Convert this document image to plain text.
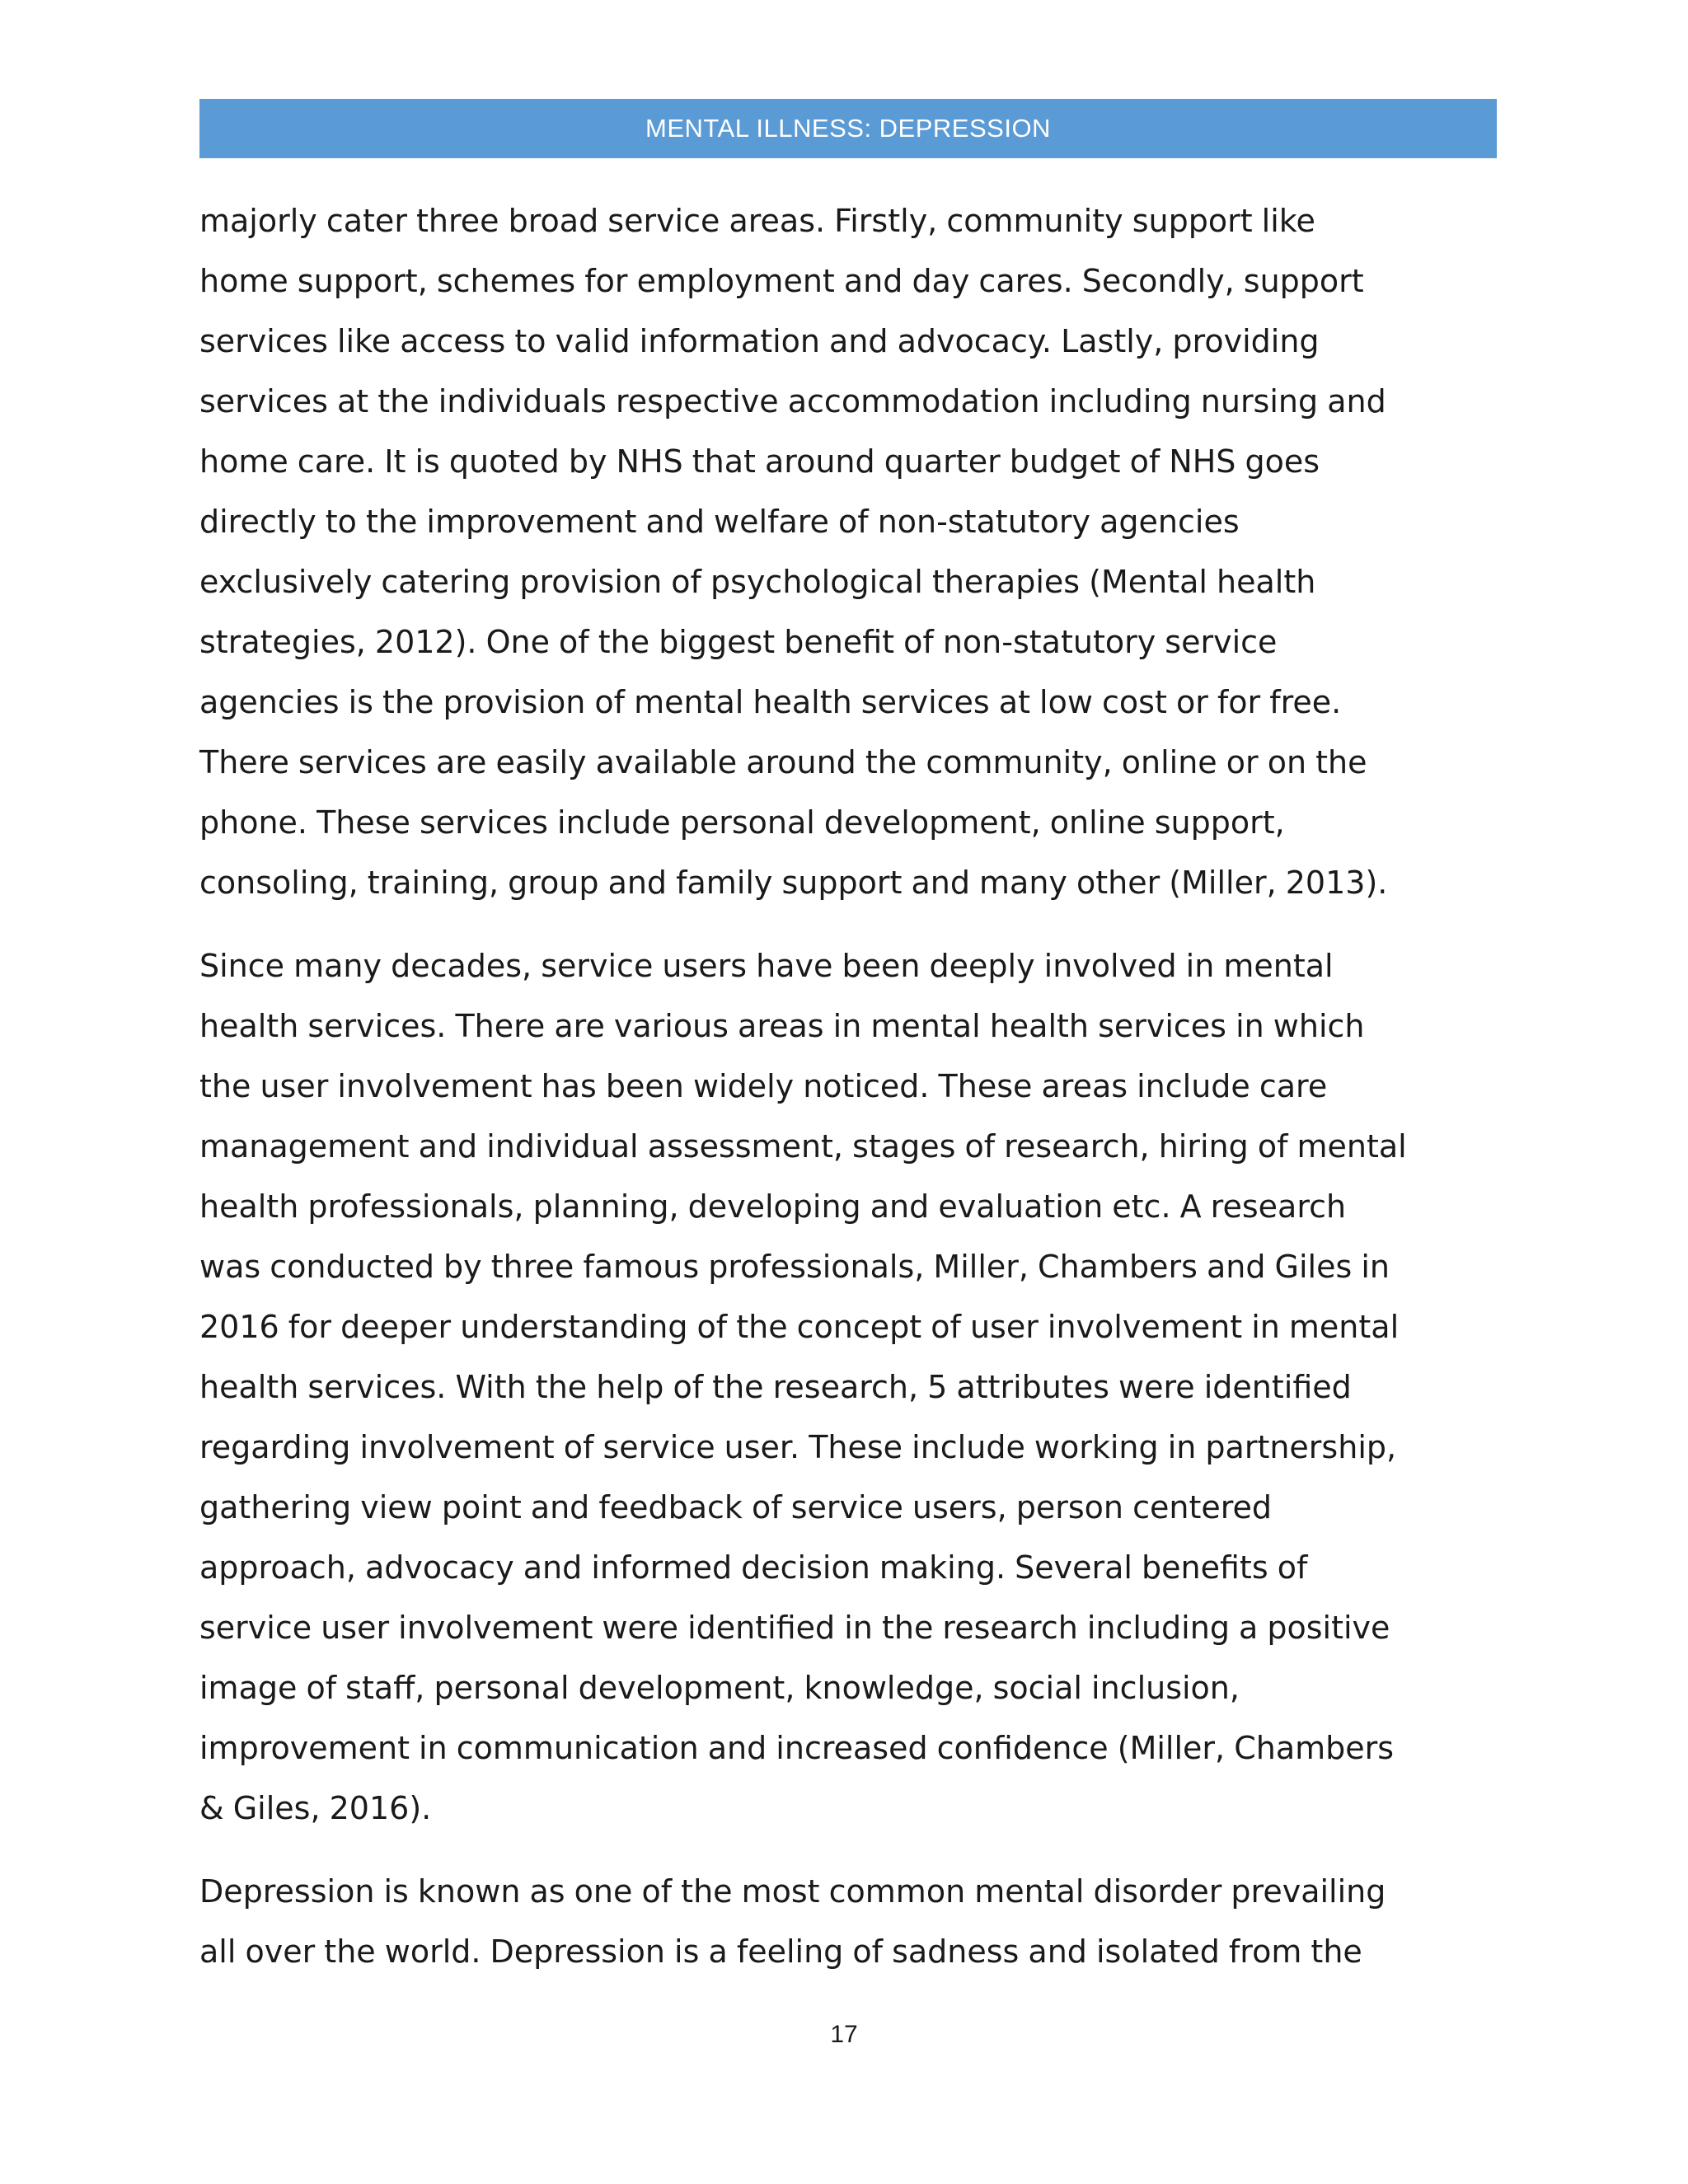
MENTAL ILLNESS: DEPRESSION

majorly cater three broad service areas. Firstly, community support like
home support, schemes for employment and day cares. Secondly, support
services like access to valid information and advocacy. Lastly, providing
services at the individuals respective accommodation including nursing and
home care. It is quoted by NHS that around quarter budget of NHS goes
directly to the improvement and welfare of non-statutory agencies
exclusively catering provision of psychological therapies (Mental health
strategies, 2012). One of the biggest benefit of non-statutory service
agencies is the provision of mental health services at low cost or for free.
There services are easily available around the community, online or on the
phone. These services include personal development, online support,
consoling, training, group and family support and many other (Miller, 2013).

Since many decades, service users have been deeply involved in mental
health services. There are various areas in mental health services in which
the user involvement has been widely noticed. These areas include care
management and individual assessment, stages of research, hiring of mental
health professionals, planning, developing and evaluation etc. A research
was conducted by three famous professionals, Miller, Chambers and Giles in
2016 for deeper understanding of the concept of user involvement in mental
health services. With the help of the research, 5 attributes were identified
regarding involvement of service user. These include working in partnership,
gathering view point and feedback of service users, person centered
approach, advocacy and informed decision making. Several benefits of
service user involvement were identified in the research including a positive
image of staff, personal development, knowledge, social inclusion,
improvement in communication and increased confidence (Miller, Chambers
& Giles, 2016).

Depression is known as one of the most common mental disorder prevailing
all over the world. Depression is a feeling of sadness and isolated from the

17
